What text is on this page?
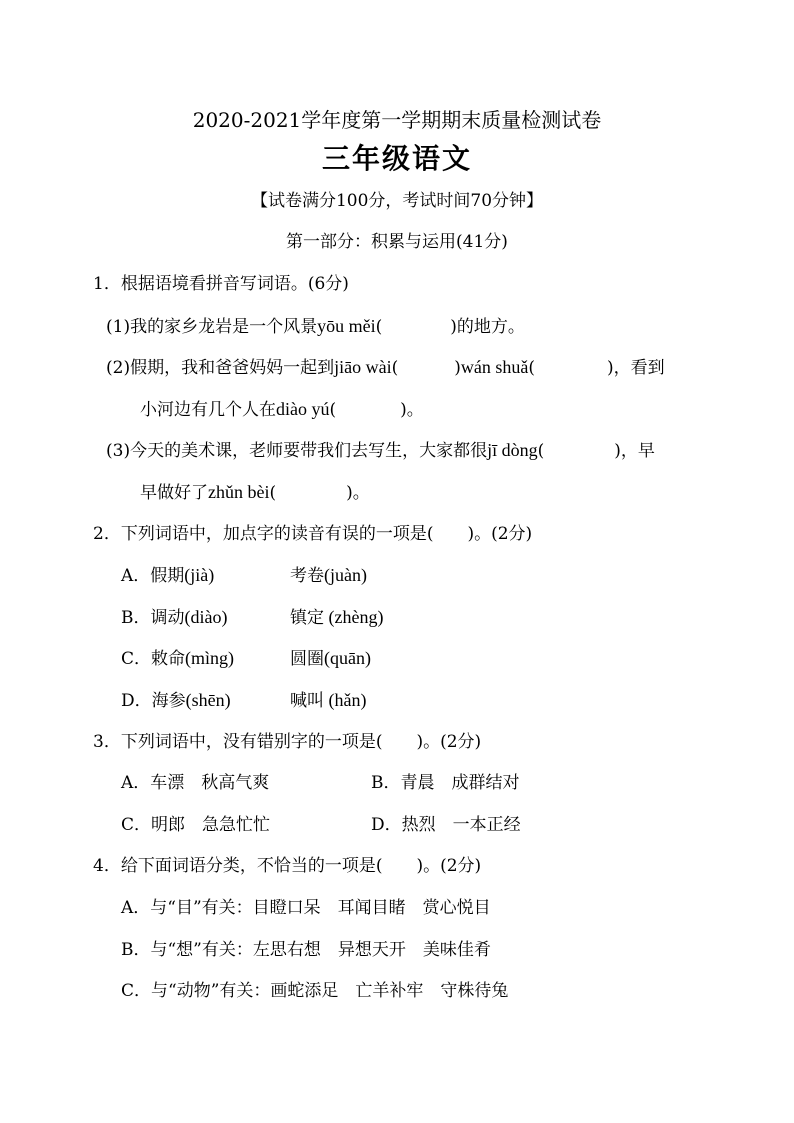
2020-2021学年度第一学期期末质量检测试卷
三年级语文
【试卷满分100分，考试时间70分钟】
第一部分：积累与运用(41分)
1．根据语境看拼音写词语。(6分)
(1)我的家乡龙岩是一个风景yōu měi(	)的地方。
(2)假期，我和爸爸妈妈一起到jiāo wài(	)wán shuǎ(	)，看到
小河边有几个人在diào yú(	)。
(3)今天的美术课，老师要带我们去写生，大家都很jī dòng(	)，早
早做好了zhǔn bèi(	)。
2．下列词语中，加点字的读音有误的一项是(　　)。(2分)
A．假期(jià)	考卷(juàn)
B．调动(diào)	镇定 (zhèng)
C．敕命(mìng)	圆圈(quān)
D．海参(shēn)	喊叫 (hǎn)
3．下列词语中，没有错别字的一项是(　　)。(2分)
A．车漂　秋高气爽	B．青晨　成群结对
C．明郎　急急忙忙	D．热烈　一本正经
4．给下面词语分类，不恰当的一项是(　　)。(2分)
A．与“目”有关：目瞪口呆　耳闻目睹　赏心悦目
B．与“想”有关：左思右想　异想天开　美味佳肴
C．与“动物”有关：画蛇添足　亡羊补牢　守株待兔
